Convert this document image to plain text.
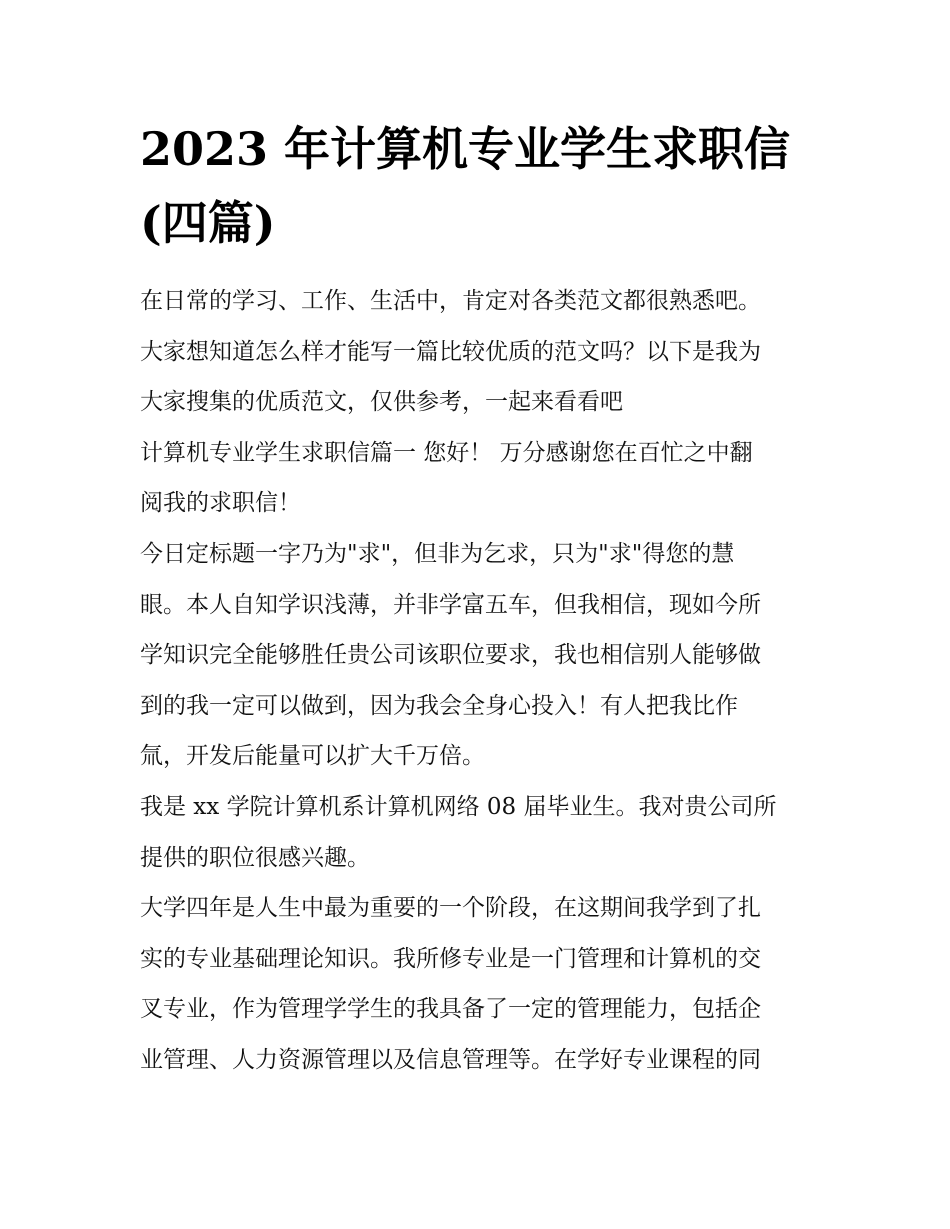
2023 年计算机专业学生求职信
(四篇)
在日常的学习、工作、生活中，肯定对各类范文都很熟悉吧。
大家想知道怎么样才能写一篇比较优质的范文吗？以下是我为
大家搜集的优质范文，仅供参考，一起来看看吧
计算机专业学生求职信篇一 您好！ 万分感谢您在百忙之中翻
阅我的求职信！
今日定标题一字乃为"求"，但非为乞求，只为"求"得您的慧
眼。本人自知学识浅薄，并非学富五车，但我相信，现如今所
学知识完全能够胜任贵公司该职位要求，我也相信别人能够做
到的我一定可以做到，因为我会全身心投入！有人把我比作
氚，开发后能量可以扩大千万倍。
我是 xx 学院计算机系计算机网络 08 届毕业生。我对贵公司所
提供的职位很感兴趣。
大学四年是人生中最为重要的一个阶段，在这期间我学到了扎
实的专业基础理论知识。我所修专业是一门管理和计算机的交
叉专业，作为管理学学生的我具备了一定的管理能力，包括企
业管理、人力资源管理以及信息管理等。在学好专业课程的同
